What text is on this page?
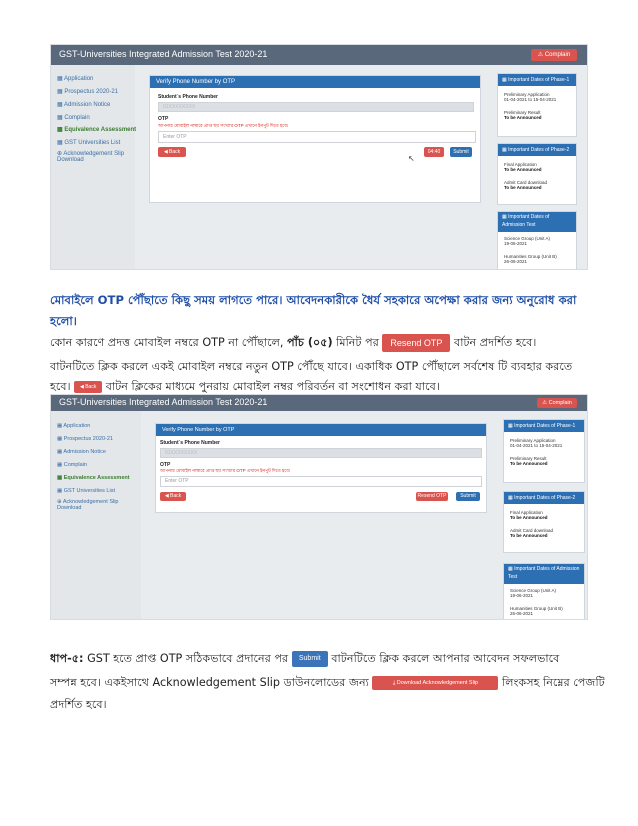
GST-Universities Integrated Admission Test 2020-21	⚠ Complain
▦ Application
▦ Prospectus 2020-21
▦ Admission Notice
▦ Complain
▦ Equivalence Assessment
▦ GST Universities List
⊕ Acknowledgement Slip Download
Verify Phone Number by OTP
Student`s Phone Number
01XXXXXXXX
OTP
আপনার মোবাইল নাম্বারে প্রাপ্ত ছয় সংখ্যার OTP এখানে ইনপুট দিতে হবে।
Enter OTP
◀ Back	04:40	Submit
↖
▦ Important Dates of Phase-1
Preliminary Application
01-04-2021 to 15-04-2021
Preliminary Result
To be Announced
▦ Important Dates of Phase-2
Final Application
To be Announced
Admit Card download
To be Announced
▦ Important Dates of Admission Test
Science Group (Unit A)
19-06-2021
Humanities Group (Unit B)
26-06-2021
মোবাইলে OTP পৌঁছাতে কিছু সময় লাগতে পারে। আবেদনকারীকে ধৈর্য সহকারে অপেক্ষা করার জন্য অনুরোধ করা
হলো।
কোন কারণে প্রদত্ত মোবাইল নম্বরে OTP না পৌঁছালে, পাঁচ (০৫) মিনিট পর Resend OTP বাটন প্রদর্শিত হবে।
বাটনটিতে ক্লিক করলে একই মোবাইল নম্বরে নতুন OTP পৌঁছে যাবে। একাধিক OTP পৌঁছালে সর্বশেষ টি ব্যবহার করতে
হবে। ◀ Back বাটন ক্লিকের মাধ্যমে পুনরায় মোবাইল নম্বর পরিবর্তন বা সংশোধন করা যাবে।
GST-Universities Integrated Admission Test 2020-21	⚠ Complain
▦ Application
▦ Prospectus 2020-21
▦ Admission Notice
▦ Complain
▦ Equivalence Assessment
▦ GST Universities List
⊕ Acknowledgement Slip Download
Verify Phone Number by OTP
Student`s Phone Number
01XXXXXXXX
OTP
আপনার মোবাইল নাম্বারে প্রাপ্ত ছয় সংখ্যার OTP এখানে ইনপুট দিতে হবে।
Enter OTP
◀ Back	Resend OTP	Submit
▦ Important Dates of Phase-1
Preliminary Application
01-04-2021 to 15-04-2021
Preliminary Result
To be Announced
▦ Important Dates of Phase-2
Final Application
To be Announced
Admit Card download
To be Announced
▦ Important Dates of Admission Test
Science Group (Unit A)
19-06-2021
Humanities Group (Unit B)
26-06-2021
ধাপ-৫: GST হতে প্রাপ্ত OTP সঠিকভাবে প্রদানের পর Submit বাটনটিতে ক্লিক করলে আপনার আবেদন সফলভাবে
সম্পন্ন হবে। একইসাথে Acknowledgement Slip ডাউনলোডের জন্য	⤓ Download Acknowledgement Slip লিংকসহ নিম্নের পেজটি
প্রদর্শিত হবে।
